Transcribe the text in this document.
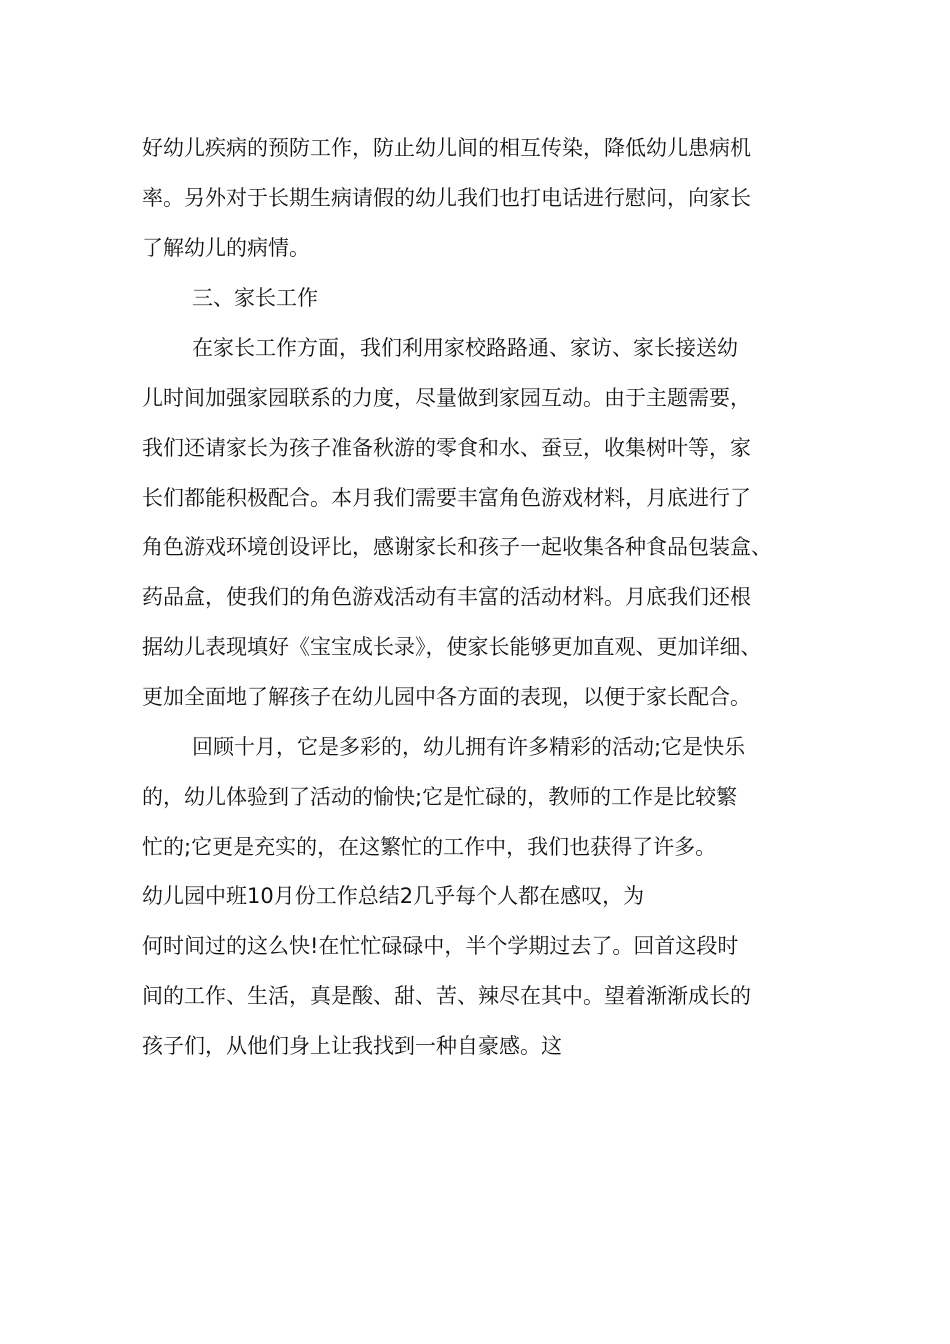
好幼儿疾病的预防工作，防止幼儿间的相互传染，降低幼儿患病机

率。另外对于长期生病请假的幼儿我们也打电话进行慰问，向家长

了解幼儿的病情。

三、家长工作

在家长工作方面，我们利用家校路路通、家访、家长接送幼

儿时间加强家园联系的力度，尽量做到家园互动。由于主题需要，

我们还请家长为孩子准备秋游的零食和水、蚕豆，收集树叶等，家

长们都能积极配合。本月我们需要丰富角色游戏材料，月底进行了

角色游戏环境创设评比，感谢家长和孩子一起收集各种食品包装盒、

药品盒，使我们的角色游戏活动有丰富的活动材料。月底我们还根

据幼儿表现填好《宝宝成长录》，使家长能够更加直观、更加详细、

更加全面地了解孩子在幼儿园中各方面的表现，以便于家长配合。

回顾十月，它是多彩的，幼儿拥有许多精彩的活动;它是快乐

的，幼儿体验到了活动的愉快;它是忙碌的，教师的工作是比较繁

忙的;它更是充实的，在这繁忙的工作中，我们也获得了许多。

幼儿园中班10月份工作总结2几乎每个人都在感叹，为

何时间过的这么快!在忙忙碌碌中，半个学期过去了。回首这段时

间的工作、生活，真是酸、甜、苦、辣尽在其中。望着渐渐成长的

孩子们，从他们身上让我找到一种自豪感。这
